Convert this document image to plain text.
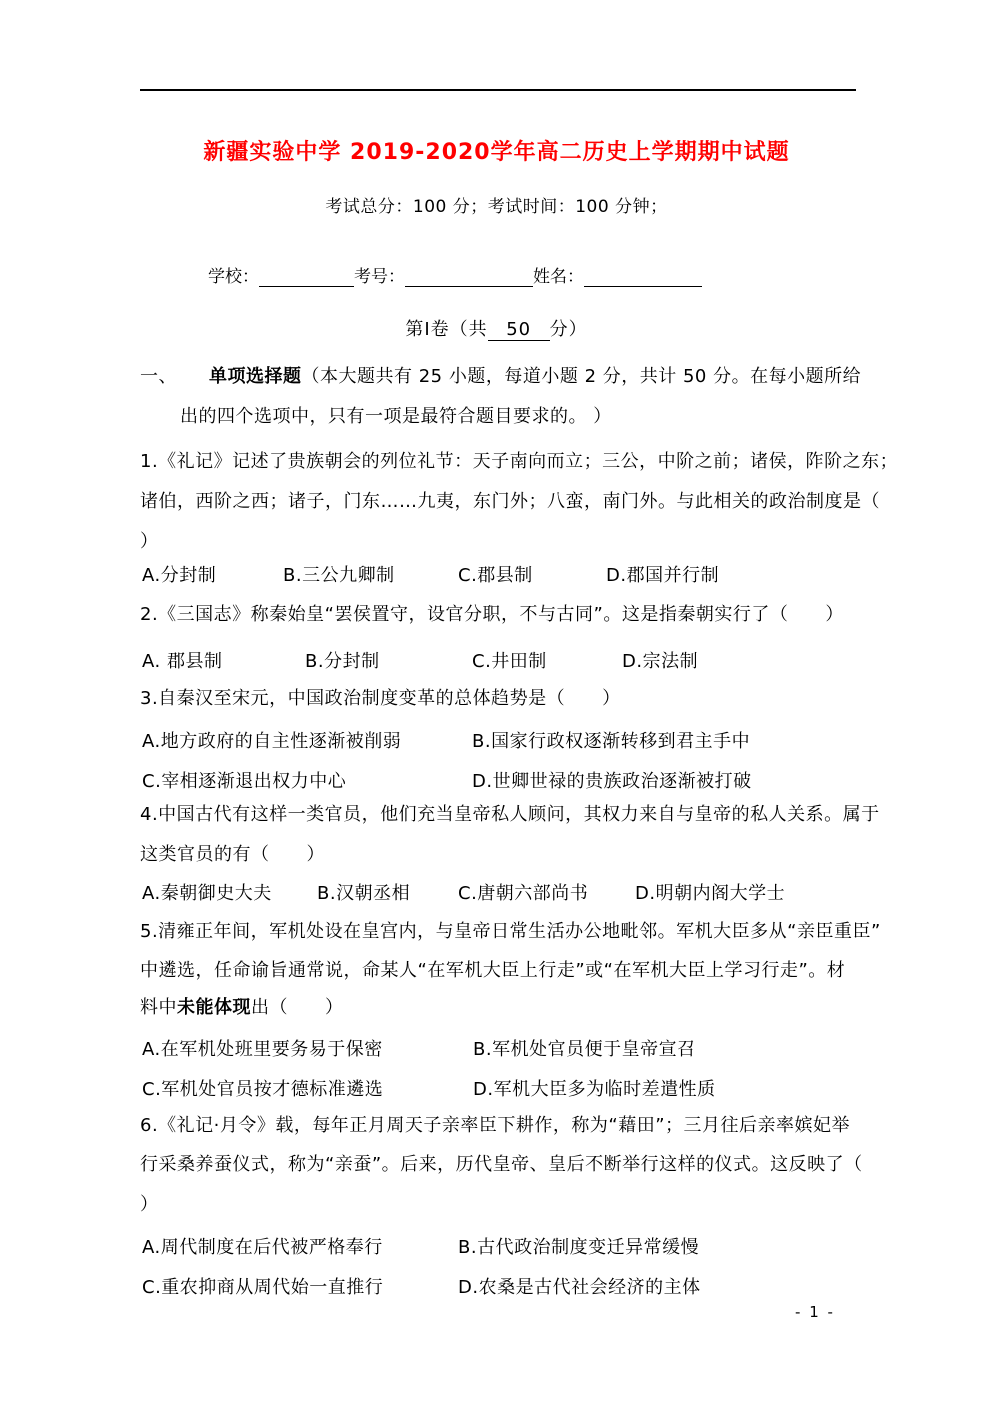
新疆实验中学 2019-2020学年高二历史上学期期中试题
考试总分：100 分；考试时间：100 分钟；
学校：	考号：	姓名：
第Ⅰ卷（共 50 分）
一、 单项选择题（本大题共有 25 小题，每道小题 2 分，共计 50 分。在每小题所给
出的四个选项中，只有一项是最符合题目要求的。 ）
1.《礼记》记述了贵族朝会的列位礼节：天子南向而立；三公，中阶之前；诸侯，阼阶之东；
诸伯，西阶之西；诸子，门东……九夷，东门外；八蛮，南门外。与此相关的政治制度是（
）
A.分封制	B.三公九卿制	C.郡县制	D.郡国并行制
2.《三国志》称秦始皇“罢侯置守，设官分职，不与古同”。这是指秦朝实行了（　　）
A. 郡县制	B.分封制	C.井田制	D.宗法制
3.自秦汉至宋元，中国政治制度变革的总体趋势是（　　）
A.地方政府的自主性逐渐被削弱	B.国家行政权逐渐转移到君主手中
C.宰相逐渐退出权力中心	D.世卿世禄的贵族政治逐渐被打破
4.中国古代有这样一类官员，他们充当皇帝私人顾问，其权力来自与皇帝的私人关系。属于
这类官员的有（　　）
A.秦朝御史大夫	B.汉朝丞相	C.唐朝六部尚书	D.明朝内阁大学士
5.清雍正年间，军机处设在皇宫内，与皇帝日常生活办公地毗邻。军机大臣多从“亲臣重臣”
中遴选，任命谕旨通常说，命某人“在军机大臣上行走”或“在军机大臣上学习行走”。材
料中未能体现出（　　）
A.在军机处班里要务易于保密	B.军机处官员便于皇帝宣召
C.军机处官员按才德标准遴选	D.军机大臣多为临时差遣性质
6.《礼记·月令》载，每年正月周天子亲率臣下耕作，称为“藉田”；三月往后亲率嫔妃举
行采桑养蚕仪式，称为“亲蚕”。后来，历代皇帝、皇后不断举行这样的仪式。这反映了（
）
A.周代制度在后代被严格奉行	B.古代政治制度变迁异常缓慢
C.重农抑商从周代始一直推行	D.农桑是古代社会经济的主体
- 1 -
